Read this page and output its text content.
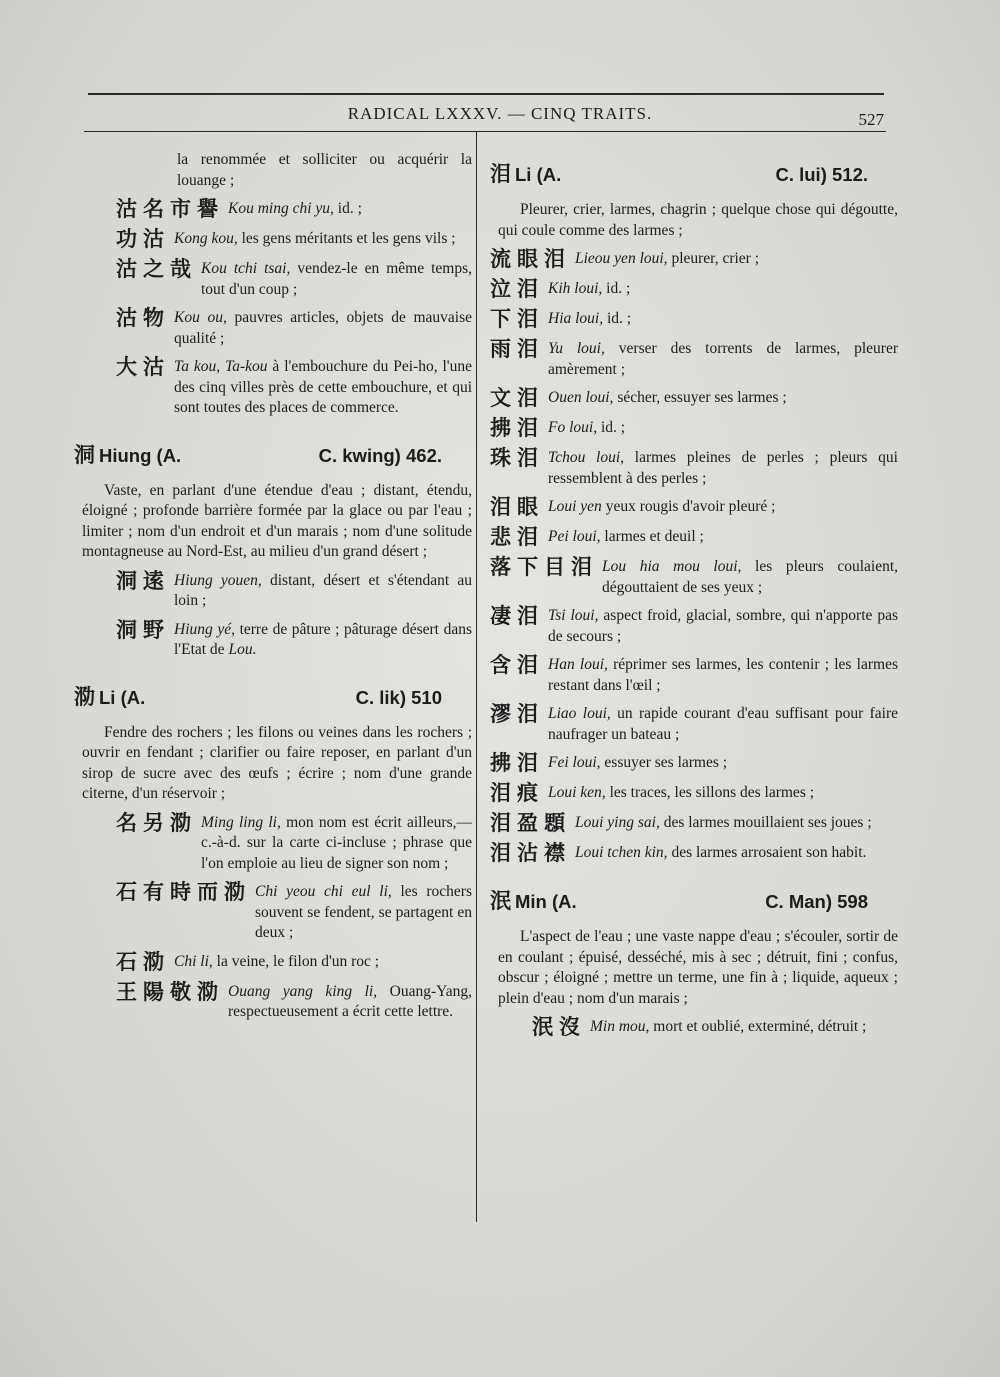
RADICAL LXXXV. — CINQ TRAITS.	527

la renommée et solliciter ou acquérir la louange ;

沽名市譽 Kou ming chi yu, id. ;
功沽 Kong kou, les gens méritants et les gens vils ;
沽之哉 Kou tchi tsai, vendez-le en même temps, tout d'un coup ;
沽物 Kou ou, pauvres articles, objets de mauvaise qualité ;
大沽 Ta kou, Ta-kou à l'embouchure du Pei-ho, l'une des cinq villes près de cette embouchure, et qui sont toutes des places de commerce.
洞 Hiung (A.	C. kwing) 462.

Vaste, en parlant d'une étendue d'eau ; distant, étendu, éloigné ; profonde barrière formée par la glace ou par l'eau ; limiter ; nom d'un endroit et d'un marais ; nom d'une solitude montagneuse au Nord-Est, au milieu d'un grand désert ;

洞逺 Hiung youen, distant, désert et s'étendant au loin ;
洞野 Hiung yé, terre de pâture ; pâturage désert dans l'Etat de Lou.
泐 Li (A.	C. lik) 510

Fendre des rochers ; les filons ou veines dans les rochers ; ouvrir en fendant ; clarifier ou faire reposer, en parlant d'un sirop de sucre avec des œufs ; écrire ; nom d'une grande citerne, d'un réservoir ;

名另泐 Ming ling li, mon nom est écrit ailleurs,— c.-à-d. sur la carte ci-incluse ; phrase que l'on emploie au lieu de signer son nom ;
石有時而泐 Chi yeou chi eul li, les rochers souvent se fendent, se partagent en deux ;
石泐 Chi li, la veine, le filon d'un roc ;
王陽敬泐 Ouang yang king li, Ouang-Yang, respectueusement a écrit cette lettre.
泪 Li (A.	C. lui) 512.

Pleurer, crier, larmes, chagrin ; quelque chose qui dégoutte, qui coule comme des larmes ;

流眼泪 Lieou yen loui, pleurer, crier ;
泣泪 Kih loui, id. ;
下泪 Hia loui, id. ;
雨泪 Yu loui, verser des torrents de larmes, pleurer amèrement ;
文泪 Ouen loui, sécher, essuyer ses larmes ;
拂泪 Fo loui, id. ;
珠泪 Tchou loui, larmes pleines de perles ; pleurs qui ressemblent à des perles ;
泪眼 Loui yen yeux rougis d'avoir pleuré ;
悲泪 Pei loui, larmes et deuil ;
落下目泪 Lou hia mou loui, les pleurs coulaient, dégouttaient de ses yeux ;
凄泪 Tsi loui, aspect froid, glacial, sombre, qui n'apporte pas de secours ;
含泪 Han loui, réprimer ses larmes, les contenir ; les larmes restant dans l'œil ;
漻泪 Liao loui, un rapide courant d'eau suffisant pour faire naufrager un bateau ;
拂泪 Fei loui, essuyer ses larmes ;
泪痕 Loui ken, les traces, les sillons des larmes ;
泪盈顋 Loui ying sai, des larmes mouillaient ses joues ;
泪沾襟 Loui tchen kin, des larmes arrosaient son habit.
泯 Min (A.	C. Man) 598

L'aspect de l'eau ; une vaste nappe d'eau ; s'écouler, sortir de en coulant ; épuisé, desséché, mis à sec ; détruit, fini ; confus, obscur ; éloigné ; mettre un terme, une fin à ; liquide, aqueux ; plein d'eau ; nom d'un marais ;

泯沒 Min mou, mort et oublié, exterminé, détruit ;
